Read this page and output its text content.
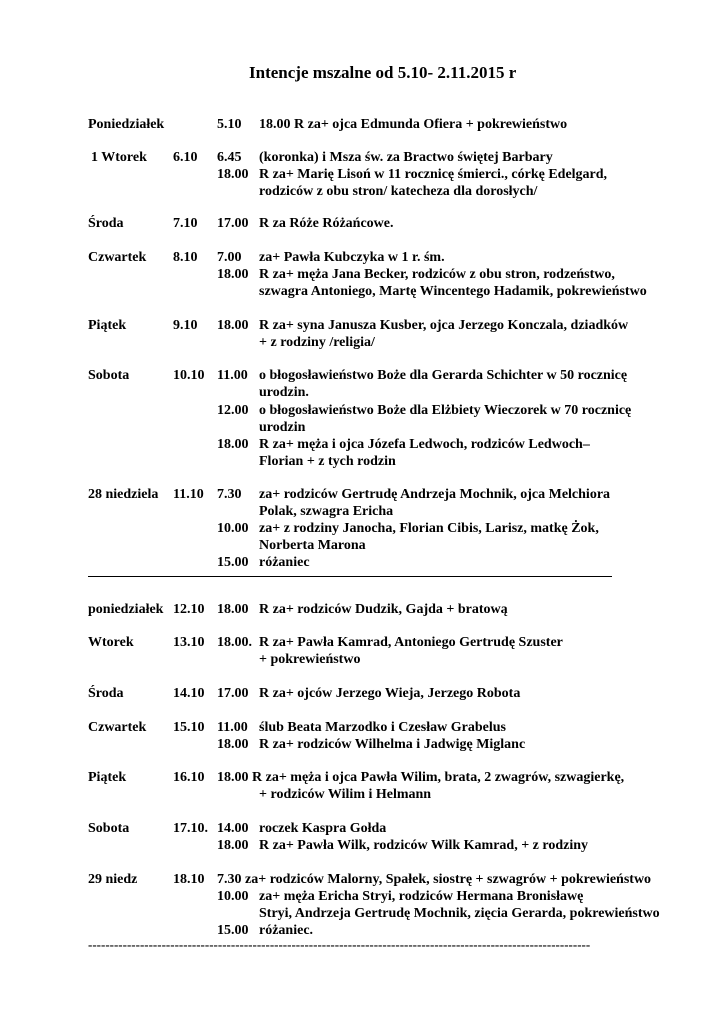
Intencje mszalne od 5.10- 2.11.2015 r
--------------------------------------------------------------------------------------------------------------------
Poniedziałek	5.10 18.00 R za+ ojca Edmunda Ofiera + pokrewieństwo
1 Wtorek 6.10 6.45 (koronka) i Msza św. za Bractwo świętej Barbary
18.00 R za+ Marię Lisoń w 11 rocznicę śmierci., córkę Edelgard,
rodziców z obu stron/ katecheza dla dorosłych/
Środa	7.10 17.00 R za Róże Różańcowe.
Czwartek 8.10 7.00 za+ Pawła Kubczyka w 1 r. śm.
18.00 R za+ męża Jana Becker, rodziców z obu stron, rodzeństwo,
szwagra Antoniego, Martę Wincentego Hadamik, pokrewieństwo
Piątek	9.10 18.00 R za+ syna Janusza Kusber, ojca Jerzego Konczala, dziadków
+ z rodziny /religia/
Sobota	10.10 11.00 o błogosławieństwo Boże dla Gerarda Schichter w 50 rocznicę
urodzin.
12.00 o błogosławieństwo Boże dla Elżbiety Wieczorek w 70 rocznicę
urodzin
18.00 R za+ męża i ojca Józefa Ledwoch, rodziców Ledwoch–
Florian + z tych rodzin
28 niedziela 11.10 7.30 za+ rodziców Gertrudę Andrzeja Mochnik, ojca Melchiora
Polak, szwagra Ericha
10.00 za+ z rodziny Janocha, Florian Cibis, Larisz, matkę Żok,
Norberta Marona
15.00 różaniec
poniedziałek 12.10 18.00 R za+ rodziców Dudzik, Gajda + bratową
Wtorek	13.10 18.00. R za+ Pawła Kamrad, Antoniego Gertrudę Szuster
+ pokrewieństwo
Środa	14.10 17.00 R za+ ojców Jerzego Wieja, Jerzego Robota
Czwartek 15.10 11.00 ślub Beata Marzodko i Czesław Grabelus
18.00 R za+ rodziców Wilhelma i Jadwigę Miglanc
Piątek	16.10 18.00 R za+ męża i ojca Pawła Wilim, brata, 2 zwagrów, szwagierkę,
+ rodziców Wilim i Helmann
Sobota	17.10. 14.00 roczek Kaspra Gołda
18.00 R za+ Pawła Wilk, rodziców Wilk Kamrad, + z rodziny
29 niedz	18.10 7.30 za+ rodziców Malorny, Spałek, siostrę + szwagrów + pokrewieństwo
10.00 za+ męża Ericha Stryi, rodziców Hermana Bronisławę
Stryi, Andrzeja Gertrudę Mochnik, zięcia Gerarda, pokrewieństwo
15.00 różaniec.
